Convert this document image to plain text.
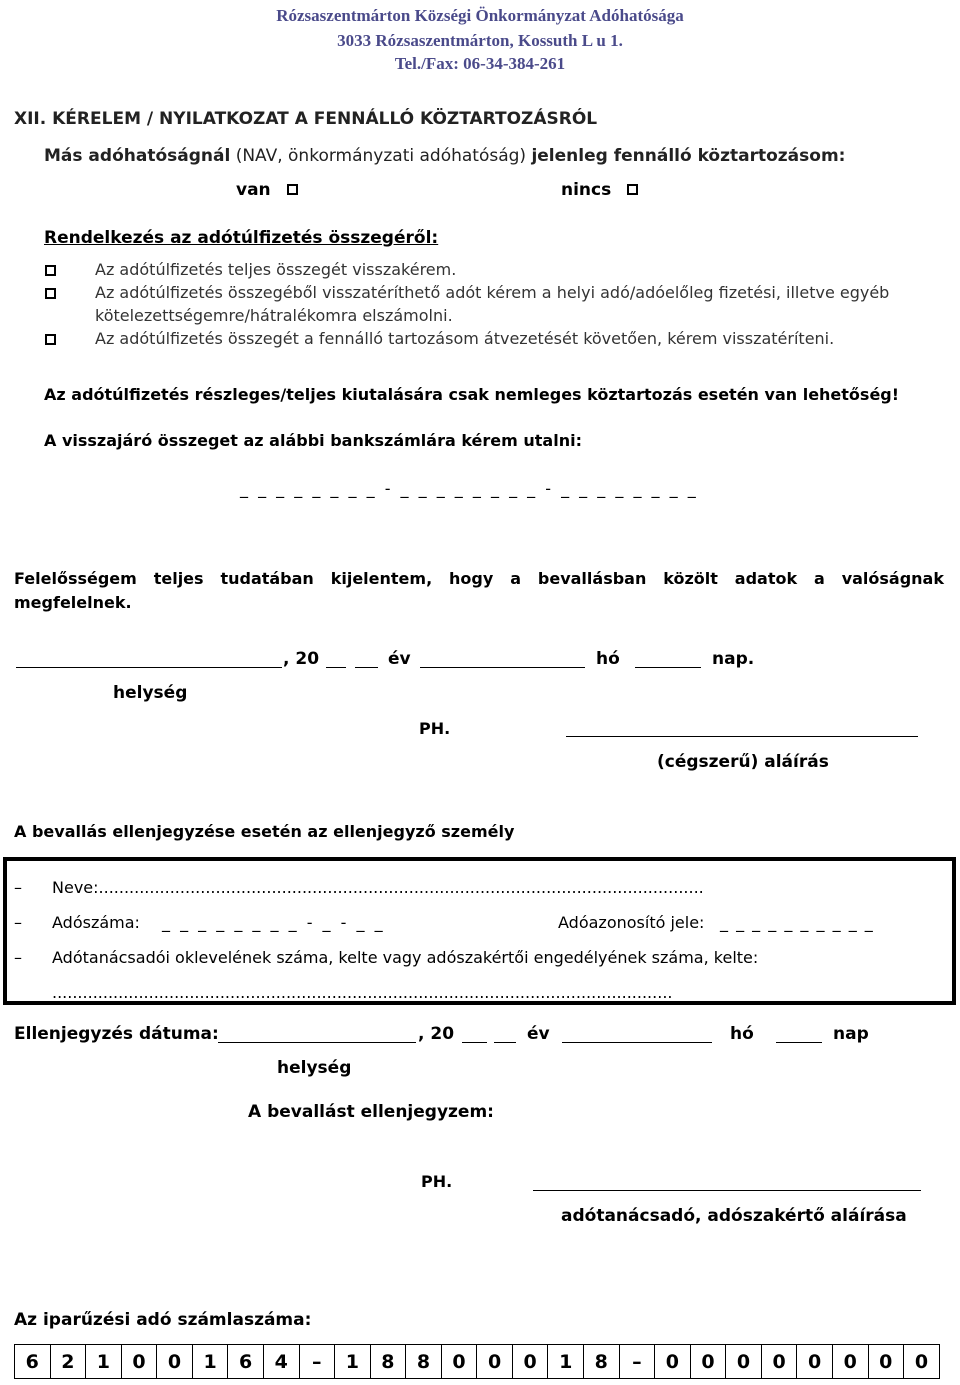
Rózsaszentmárton Községi Önkormányzat Adóhatósága
3033 Rózsaszentmárton, Kossuth L u 1.
Tel./Fax: 06-34-384-261
XII. KÉRELEM / NYILATKOZAT A FENNÁLLÓ KÖZTARTOZÁSRÓL
Más adóhatóságnál (NAV, önkormányzati adóhatóság) jelenleg fennálló köztartozásom:
van	nincs
Rendelkezés az adótúlfizetés összegéről:
Az adótúlfizetés teljes összegét visszakérem.
Az adótúlfizetés összegéből visszatéríthető adót kérem a helyi adó/adóelőleg fizetési, illetve egyéb
kötelezettségemre/hátralékomra elszámolni.
Az adótúlfizetés összegét a fennálló tartozásom átvezetését követően, kérem visszatéríteni.
Az adótúlfizetés részleges/teljes kiutalására csak nemleges köztartozás esetén van lehetőség!
A visszajáró összeget az alábbi bankszámlára kérem utalni:
_ _ _ _ _ _ _ _ - _ _ _ _ _ _ _ _ - _ _ _ _ _ _ _ _
Felelősségem teljes tudatában kijelentem, hogy a bevallásban közölt adatok a valóságnak
megfelelnek.
, 20	év	hó	nap.
helység
PH.
(cégszerű) aláírás
A bevallás ellenjegyzése esetén az ellenjegyző személy
– Neve:.......................................................................................................................
– Adószáma: _ _ _ _ _ _ _ _ - _ - _ _	Adóazonosító jele: _ _ _ _ _ _ _ _ _ _
– Adótanácsadói oklevelének száma, kelte vagy adószakértői engedélyének száma, kelte:
..........................................................................................................................
Ellenjegyzés dátuma:	, 20	év	hó	nap
helység
A bevallást ellenjegyzem:
PH.
adótanácsadó, adószakértő aláírása
Az iparűzési adó számlaszáma:
6	2	1	0	0	1	6	4	–	1	8	8	0	0	0	1	8	–	0	0	0	0	0	0	0	0
